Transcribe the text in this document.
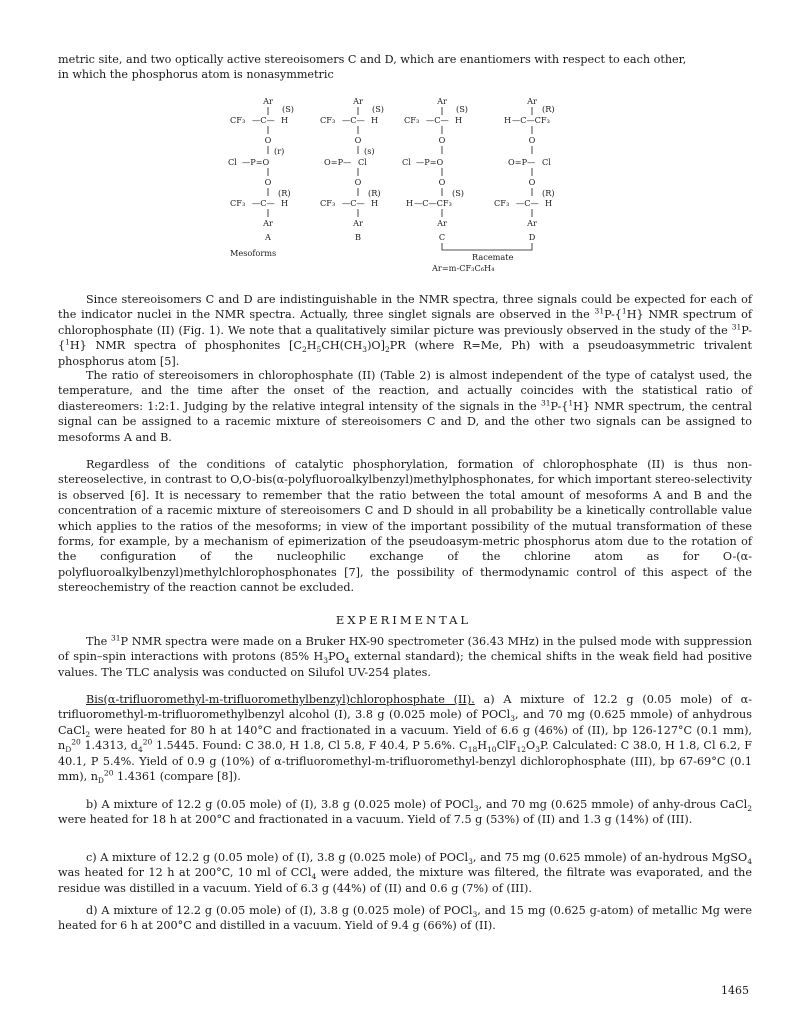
metric site, and two optically active stereoisomers C and D, which are enantiomers with respect to each other,

in which the phosphorus atom is nonasymmetric

Ar
(S)
CF₃ —C— H
O
(r)
Cl —P=O
O
(R)
CF₃ —C— H
Ar
A
Ar
(S)
CF₃ —C— H
O
(s)
O=P— Cl
O
(R)
CF₃ —C— H
Ar
B
Ar
(S)
CF₃ —C— H
O
Cl —P=O
O
(S)
H —C—CF₃
Ar
C
Ar
(R)
H —C—CF₃
O
O=P— Cl
O
(R)
CF₃ —C— H
Ar
D
Mesoforms	Racemate
Ar=m-CF₃C₆H₄

Since stereoisomers C and D are indistinguishable in the NMR spectra, three signals could be expected for each of the indicator nuclei in the NMR spectra. Actually, three singlet signals are observed in the $^{31}$P-{$^1$H} NMR spectrum of chlorophosphate (II) (Fig. 1). We note that a qualitatively similar picture was previously observed in the study of the $^{31}$P-{$^1$H} NMR spectra of phosphonites $[C_2H_5CH(CH_3)O]_2PR$ (where R=Me, Ph) with a pseudoasymmetric trivalent phosphorus atom [5].

The ratio of stereoisomers in chlorophosphate (II) (Table 2) is almost independent of the type of catalyst used, the temperature, and the time after the onset of the reaction, and actually coincides with the statistical ratio of diastereomers: 1:2:1. Judging by the relative integral intensity of the signals in the $^{31}$P-{$^1$H} NMR spectrum, the central signal can be assigned to a racemic mixture of stereoisomers C and D, and the other two signals can be assigned to mesoforms A and B.

Regardless of the conditions of catalytic phosphorylation, formation of chlorophosphate (II) is thus non-stereoselective, in contrast to O,O-bis(α-polyfluoroalkylbenzyl)methylphosphonates, for which important stereo-selectivity is observed [6]. It is necessary to remember that the ratio between the total amount of mesoforms A and B and the concentration of a racemic mixture of stereoisomers C and D should in all probability be a kinetically controllable value which applies to the ratios of the mesoforms; in view of the important possibility of the mutual transformation of these forms, for example, by a mechanism of epimerization of the pseudoasym-metric phosphorus atom due to the rotation of the configuration of the nucleophilic exchange of the chlorine atom as for O-(α-polyfluoroalkylbenzyl)methylchlorophosphonates [7], the possibility of thermodynamic control of this aspect of the stereochemistry of the reaction cannot be excluded.

EXPERIMENTAL

The $^{31}$P NMR spectra were made on a Bruker HX-90 spectrometer (36.43 MHz) in the pulsed mode with suppression of spin–spin interactions with protons (85% $H_3PO_4$ external standard); the chemical shifts in the weak field had positive values. The TLC analysis was conducted on Silufol UV-254 plates.

Bis(α-trifluoromethyl-m-trifluoromethylbenzyl)chlorophosphate (II). a) A mixture of 12.2 g (0.05 mole) of α-trifluoromethyl-m-trifluoromethylbenzyl alcohol (I), 3.8 g (0.025 mole) of POCl$_3$, and 70 mg (0.625 mmole) of anhydrous CaCl$_2$ were heated for 80 h at 140°C and fractionated in a vacuum. Yield of 6.6 g (46%) of (II), bp 126-127°C (0.1 mm), $n_D^{20}$ 1.4313, $d_4^{20}$ 1.5445. Found: C 38.0, H 1.8, Cl 5.8, F 40.4, P 5.6%. $C_{18}H_{10}ClF_{12}O_3P$. Calculated: C 38.0, H 1.8, Cl 6.2, F 40.1, P 5.4%. Yield of 0.9 g (10%) of α-trifluoromethyl-m-trifluoromethyl-benzyl dichlorophosphate (III), bp 67-69°C (0.1 mm), $n_D^{20}$ 1.4361 (compare [8]).

b) A mixture of 12.2 g (0.05 mole) of (I), 3.8 g (0.025 mole) of POCl$_3$, and 70 mg (0.625 mmole) of anhy-drous CaCl$_2$ were heated for 18 h at 200°C and fractionated in a vacuum. Yield of 7.5 g (53%) of (II) and 1.3 g (14%) of (III).

c) A mixture of 12.2 g (0.05 mole) of (I), 3.8 g (0.025 mole) of POCl$_3$, and 75 mg (0.625 mmole) of an-hydrous MgSO$_4$ was heated for 12 h at 200°C, 10 ml of CCl$_4$ were added, the mixture was filtered, the filtrate was evaporated, and the residue was distilled in a vacuum. Yield of 6.3 g (44%) of (II) and 0.6 g (7%) of (III).

d) A mixture of 12.2 g (0.05 mole) of (I), 3.8 g (0.025 mole) of POCl$_3$, and 15 mg (0.625 g-atom) of metallic Mg were heated for 6 h at 200°C and distilled in a vacuum. Yield of 9.4 g (66%) of (II).

1465
